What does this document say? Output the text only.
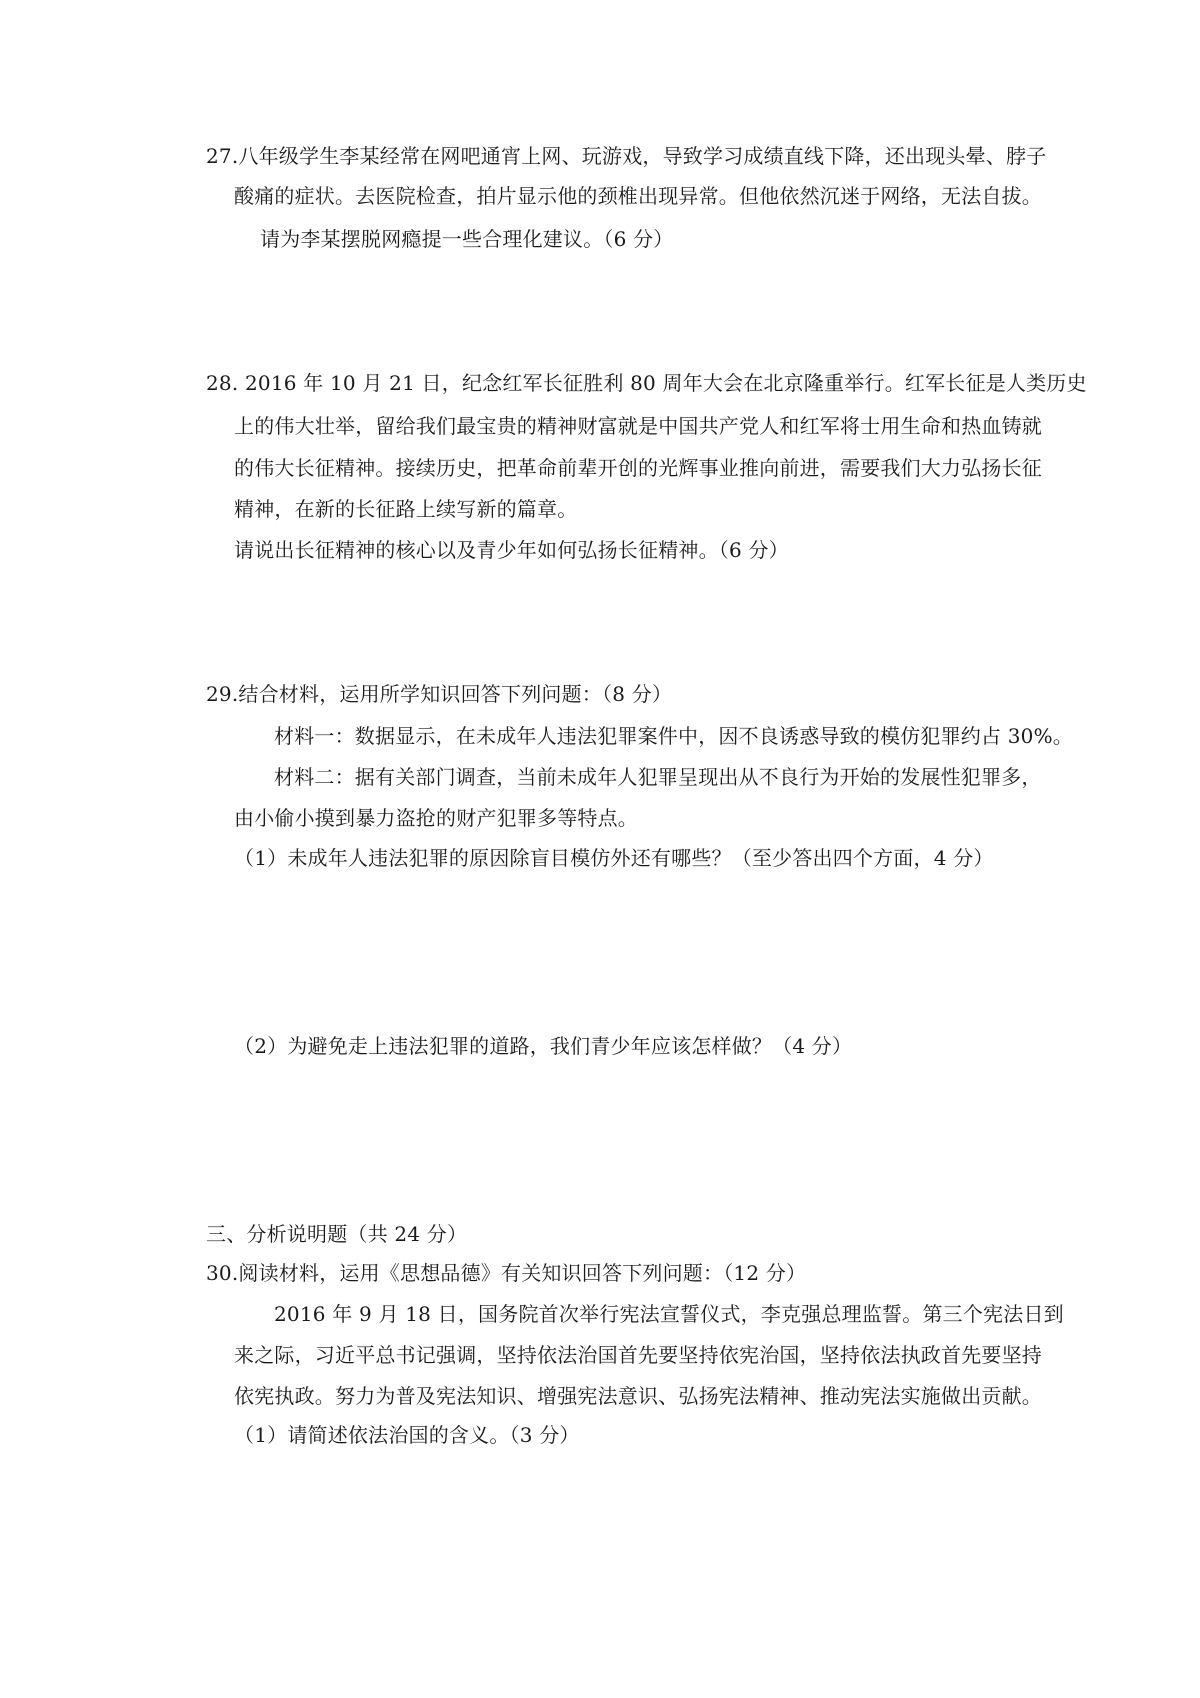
27.八年级学生李某经常在网吧通宵上网、玩游戏，导致学习成绩直线下降，还出现头晕、脖子
酸痛的症状。去医院检查，拍片显示他的颈椎出现异常。但他依然沉迷于网络，无法自拔。
请为李某摆脱网瘾提一些合理化建议。（6 分）
28. 2016 年 10 月 21 日，纪念红军长征胜利 80 周年大会在北京隆重举行。红军长征是人类历史
上的伟大壮举，留给我们最宝贵的精神财富就是中国共产党人和红军将士用生命和热血铸就
的伟大长征精神。接续历史，把革命前辈开创的光辉事业推向前进，需要我们大力弘扬长征
精神，在新的长征路上续写新的篇章。
请说出长征精神的核心以及青少年如何弘扬长征精神。（6 分）
29.结合材料，运用所学知识回答下列问题：（8 分）
材料一：数据显示，在未成年人违法犯罪案件中，因不良诱惑导致的模仿犯罪约占 30%。
材料二：据有关部门调查，当前未成年人犯罪呈现出从不良行为开始的发展性犯罪多，
由小偷小摸到暴力盗抢的财产犯罪多等特点。
（1）未成年人违法犯罪的原因除盲目模仿外还有哪些？（至少答出四个方面，4 分）
（2）为避免走上违法犯罪的道路，我们青少年应该怎样做？（4 分）
三、分析说明题（共 24 分）
30.阅读材料，运用《思想品德》有关知识回答下列问题：（12 分）
2016 年 9 月 18 日，国务院首次举行宪法宣誓仪式，李克强总理监誓。第三个宪法日到
来之际，习近平总书记强调，坚持依法治国首先要坚持依宪治国，坚持依法执政首先要坚持
依宪执政。努力为普及宪法知识、增强宪法意识、弘扬宪法精神、推动宪法实施做出贡献。
（1）请简述依法治国的含义。（3 分）
